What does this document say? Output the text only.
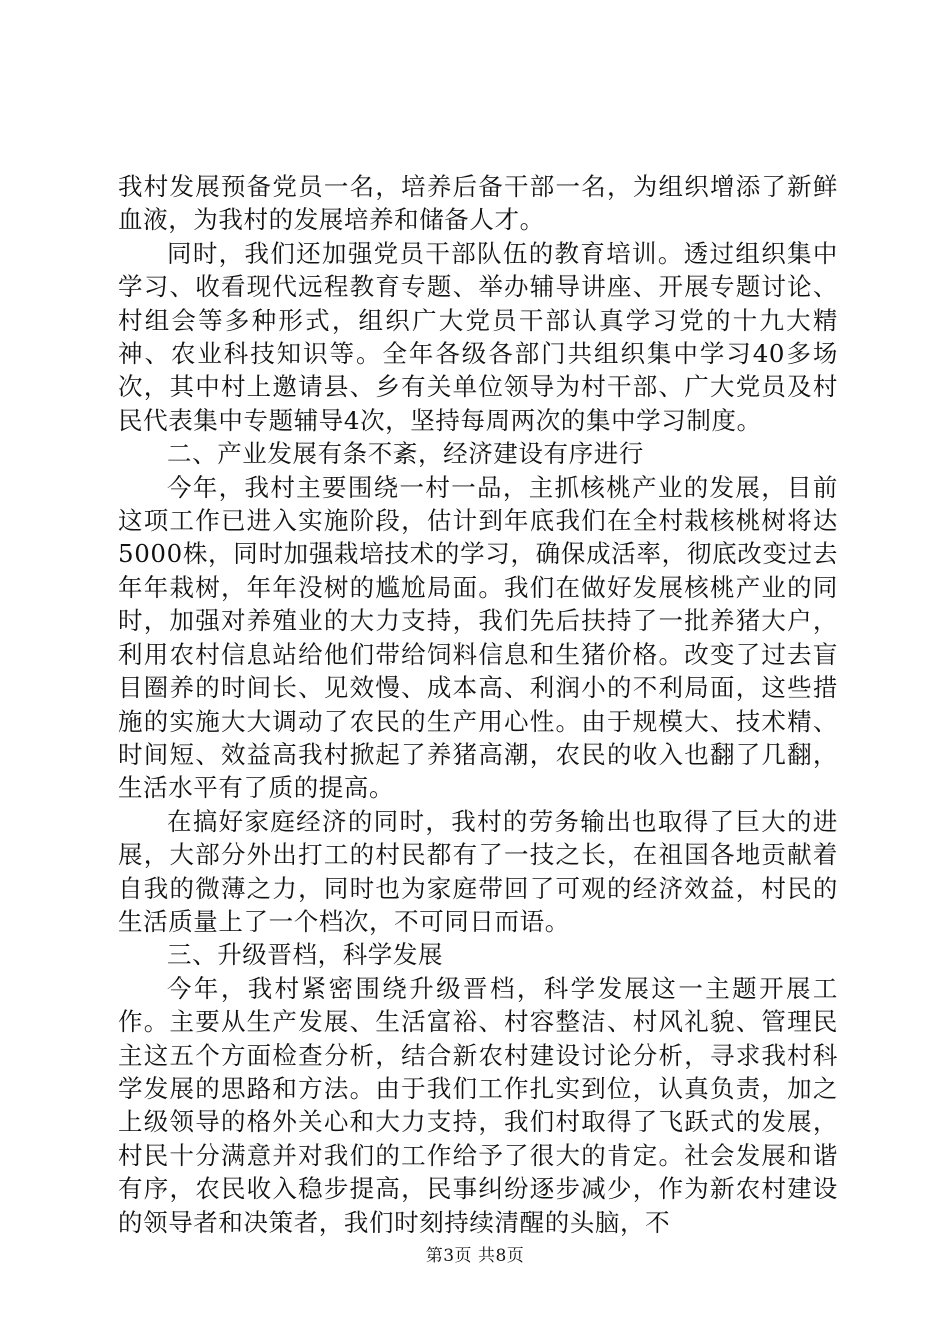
我村发展预备党员一名，培养后备干部一名，为组织增添了新鲜血液，为我村的发展培养和储备人才。

同时，我们还加强党员干部队伍的教育培训。透过组织集中学习、收看现代远程教育专题、举办辅导讲座、开展专题讨论、村组会等多种形式，组织广大党员干部认真学习党的十九大精神、农业科技知识等。全年各级各部门共组织集中学习40多场次，其中村上邀请县、乡有关单位领导为村干部、广大党员及村民代表集中专题辅导4次，坚持每周两次的集中学习制度。

二、产业发展有条不紊，经济建设有序进行

今年，我村主要围绕一村一品，主抓核桃产业的发展，目前这项工作已进入实施阶段，估计到年底我们在全村栽核桃树将达5000株，同时加强栽培技术的学习，确保成活率，彻底改变过去年年栽树，年年没树的尴尬局面。我们在做好发展核桃产业的同时，加强对养殖业的大力支持，我们先后扶持了一批养猪大户，利用农村信息站给他们带给饲料信息和生猪价格。改变了过去盲目圈养的时间长、见效慢、成本高、利润小的不利局面，这些措施的实施大大调动了农民的生产用心性。由于规模大、技术精、时间短、效益高我村掀起了养猪高潮，农民的收入也翻了几翻，生活水平有了质的提高。

在搞好家庭经济的同时，我村的劳务输出也取得了巨大的进展，大部分外出打工的村民都有了一技之长，在祖国各地贡献着自我的微薄之力，同时也为家庭带回了可观的经济效益，村民的生活质量上了一个档次，不可同日而语。

三、升级晋档，科学发展

今年，我村紧密围绕升级晋档，科学发展这一主题开展工作。主要从生产发展、生活富裕、村容整洁、村风礼貌、管理民主这五个方面检查分析，结合新农村建设讨论分析，寻求我村科学发展的思路和方法。由于我们工作扎实到位，认真负责，加之上级领导的格外关心和大力支持，我们村取得了飞跃式的发展，村民十分满意并对我们的工作给予了很大的肯定。社会发展和谐有序，农民收入稳步提高，民事纠纷逐步减少，作为新农村建设的领导者和决策者，我们时刻持续清醒的头脑，不

第3页 共8页
